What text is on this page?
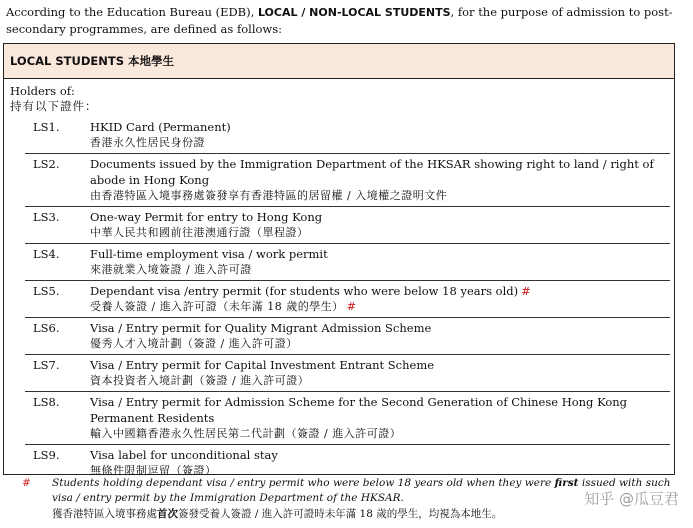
According to the Education Bureau (EDB), LOCAL / NON-LOCAL STUDENTS, for the purpose of admission to post-secondary programmes, are defined as follows:
LOCAL STUDENTS 本地學生
Holders of:
持有以下證件：
LS1.	HKID Card (Permanent)
香港永久性居民身份證
LS2.	Documents issued by the Immigration Department of the HKSAR showing right to land / right of abode in Hong Kong
由香港特區入境事務處簽發享有香港特區的居留權 / 入境權之證明文件
LS3.	One-way Permit for entry to Hong Kong
中華人民共和國前往港澳通行證（單程證）
LS4.	Full-time employment visa / work permit
來港就業入境簽證 / 進入許可證
LS5.	Dependant visa /entry permit (for students who were below 18 years old) #
受養人簽證 / 進入許可證（未年滿 18 歲的學生） #
LS6.	Visa / Entry permit for Quality Migrant Admission Scheme
優秀人才入境計劃（簽證 / 進入許可證）
LS7.	Visa / Entry permit for Capital Investment Entrant Scheme
資本投資者入境計劃（簽證 / 進入許可證）
LS8.	Visa / Entry permit for Admission Scheme for the Second Generation of Chinese Hong Kong Permanent Residents
輸入中國籍香港永久性居民第二代計劃（簽證 / 進入許可證）
LS9.	Visa label for unconditional stay
無條件限制逗留（簽證）
# Students holding dependant visa / entry permit who were below 18 years old when they were first issued with such visa / entry permit by the Immigration Department of the HKSAR.
獲香港特區入境事務處首次簽發受養人簽證 / 進入許可證時未年滿 18 歲的學生，均視為本地生。
知乎 @瓜豆君
